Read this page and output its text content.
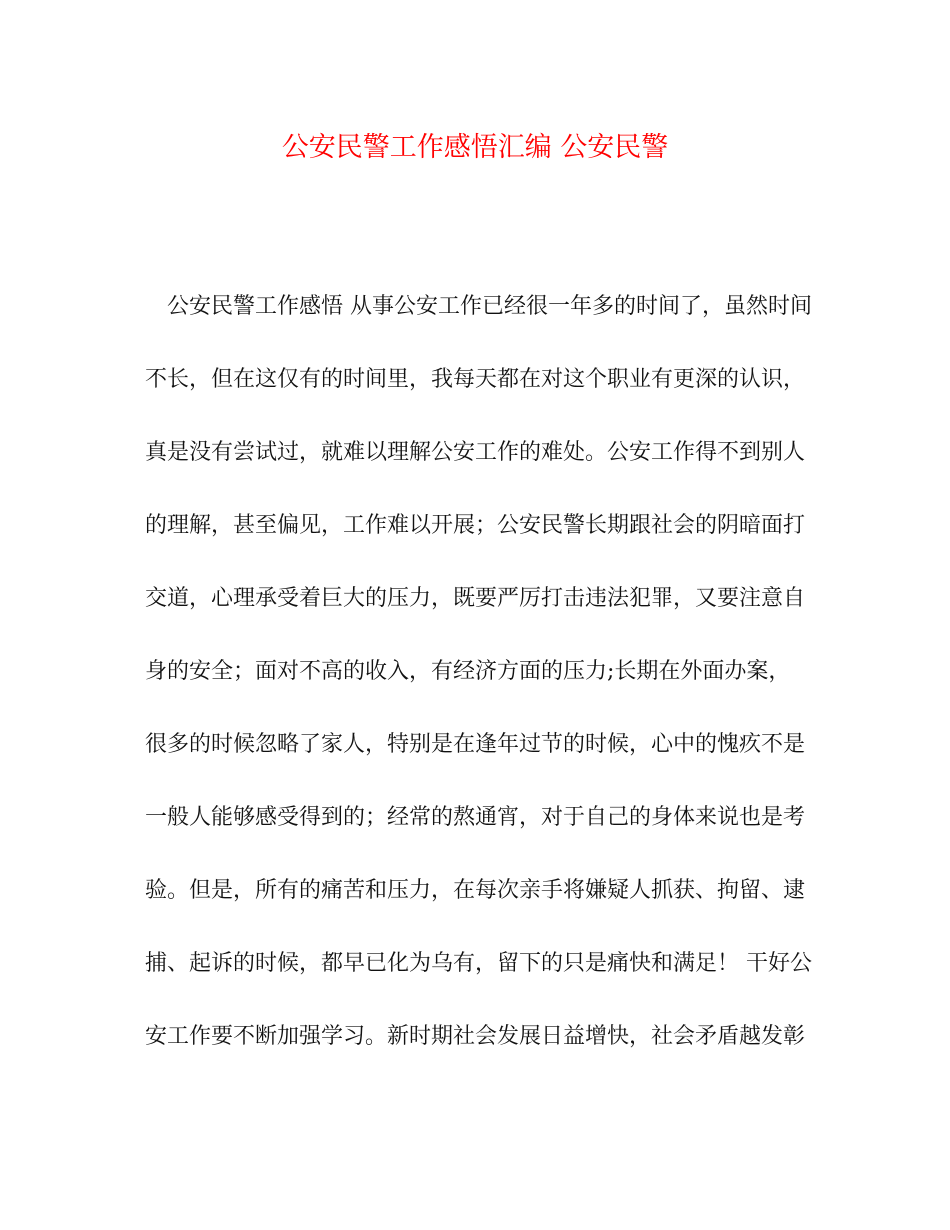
公安民警工作感悟汇编 公安民警
　公安民警工作感悟 从事公安工作已经很一年多的时间了，虽然时间
不长，但在这仅有的时间里，我每天都在对这个职业有更深的认识，
真是没有尝试过，就难以理解公安工作的难处。公安工作得不到别人
的理解，甚至偏见，工作难以开展；公安民警长期跟社会的阴暗面打
交道，心理承受着巨大的压力，既要严厉打击违法犯罪，又要注意自
身的安全；面对不高的收入，有经济方面的压力;长期在外面办案，
很多的时候忽略了家人，特别是在逢年过节的时候，心中的愧疚不是
一般人能够感受得到的；经常的熬通宵，对于自己的身体来说也是考
验。但是，所有的痛苦和压力，在每次亲手将嫌疑人抓获、拘留、逮
捕、起诉的时候，都早已化为乌有，留下的只是痛快和满足！ 干好公
安工作要不断加强学习。新时期社会发展日益增快，社会矛盾越发彰
